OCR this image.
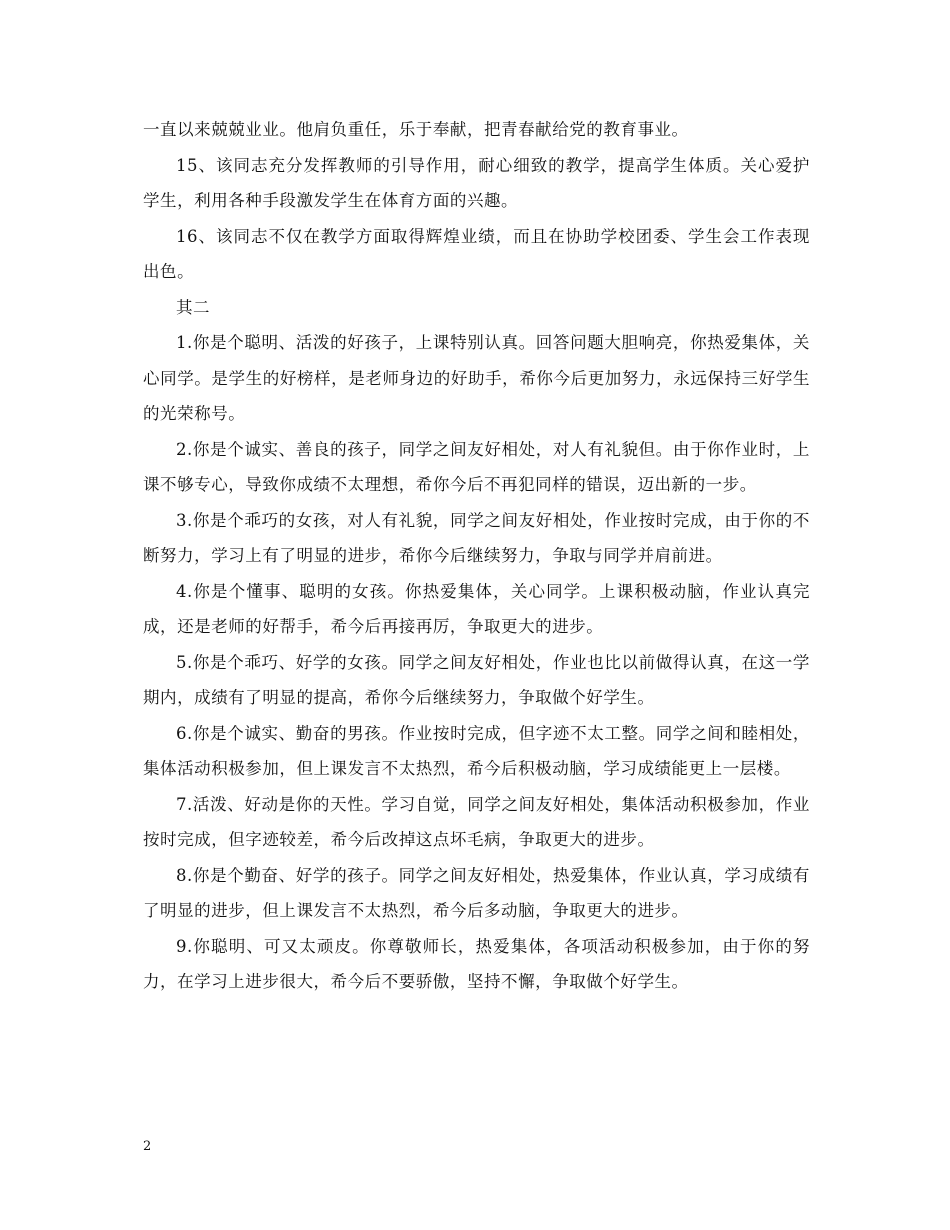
一直以来兢兢业业。他肩负重任，乐于奉献，把青春献给党的教育事业。

15、该同志充分发挥教师的引导作用，耐心细致的教学，提高学生体质。关心爱护学生，利用各种手段激发学生在体育方面的兴趣。

16、该同志不仅在教学方面取得辉煌业绩，而且在协助学校团委、学生会工作表现出色。

其二

1.你是个聪明、活泼的好孩子，上课特别认真。回答问题大胆响亮，你热爱集体，关心同学。是学生的好榜样，是老师身边的好助手，希你今后更加努力，永远保持三好学生的光荣称号。

2.你是个诚实、善良的孩子，同学之间友好相处，对人有礼貌但。由于你作业时，上课不够专心，导致你成绩不太理想，希你今后不再犯同样的错误，迈出新的一步。

3.你是个乖巧的女孩，对人有礼貌，同学之间友好相处，作业按时完成，由于你的不断努力，学习上有了明显的进步，希你今后继续努力，争取与同学并肩前进。

4.你是个懂事、聪明的女孩。你热爱集体，关心同学。上课积极动脑，作业认真完成，还是老师的好帮手，希今后再接再厉，争取更大的进步。

5.你是个乖巧、好学的女孩。同学之间友好相处，作业也比以前做得认真，在这一学期内，成绩有了明显的提高，希你今后继续努力，争取做个好学生。

6.你是个诚实、勤奋的男孩。作业按时完成，但字迹不太工整。同学之间和睦相处，集体活动积极参加，但上课发言不太热烈，希今后积极动脑，学习成绩能更上一层楼。

7.活泼、好动是你的天性。学习自觉，同学之间友好相处，集体活动积极参加，作业按时完成，但字迹较差，希今后改掉这点坏毛病，争取更大的进步。

8.你是个勤奋、好学的孩子。同学之间友好相处，热爱集体，作业认真，学习成绩有了明显的进步，但上课发言不太热烈，希今后多动脑，争取更大的进步。

9.你聪明、可又太顽皮。你尊敬师长，热爱集体，各项活动积极参加，由于你的努力，在学习上进步很大，希今后不要骄傲，坚持不懈，争取做个好学生。

2
